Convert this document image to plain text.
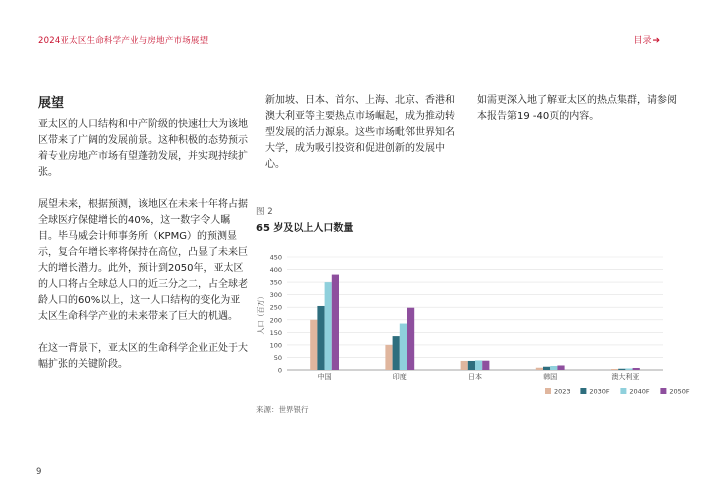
2024亚太区生命科学产业与房地产市场展望	目录➔
展望

亚太区的人口结构和中产阶级的快速壮大为该地区带来了广阔的发展前景。这种积极的态势预示着专业房地产市场有望蓬勃发展，并实现持续扩张。

展望未来，根据预测，该地区在未来十年将占据全球医疗保健增长的40%，这一数字令人瞩目。毕马威会计师事务所（KPMG）的预测显示，复合年增长率将保持在高位，凸显了未来巨大的增长潜力。此外，预计到2050年，亚太区的人口将占全球总人口的近三分之二，占全球老龄人口的60%以上，这一人口结构的变化为亚太区生命科学产业的未来带来了巨大的机遇。

在这一背景下，亚太区的生命科学企业正处于大幅扩张的关键阶段。

新加坡、日本、首尔、上海、北京、香港和澳大利亚等主要热点市场崛起，成为推动转型发展的活力源泉。这些市场毗邻世界知名大学，成为吸引投资和促进创新的发展中心。

如需更深入地了解亚太区的热点集群，请参阅本报告第19 -40页的内容。

图 2
65 岁及以上人口数量
0
50
100
150
200
250
300
350
400
450
人口（百万）
中国	印度	日本	韩国	澳大利亚
2023	2030F	2040F	2050F
来源：世界银行
9
